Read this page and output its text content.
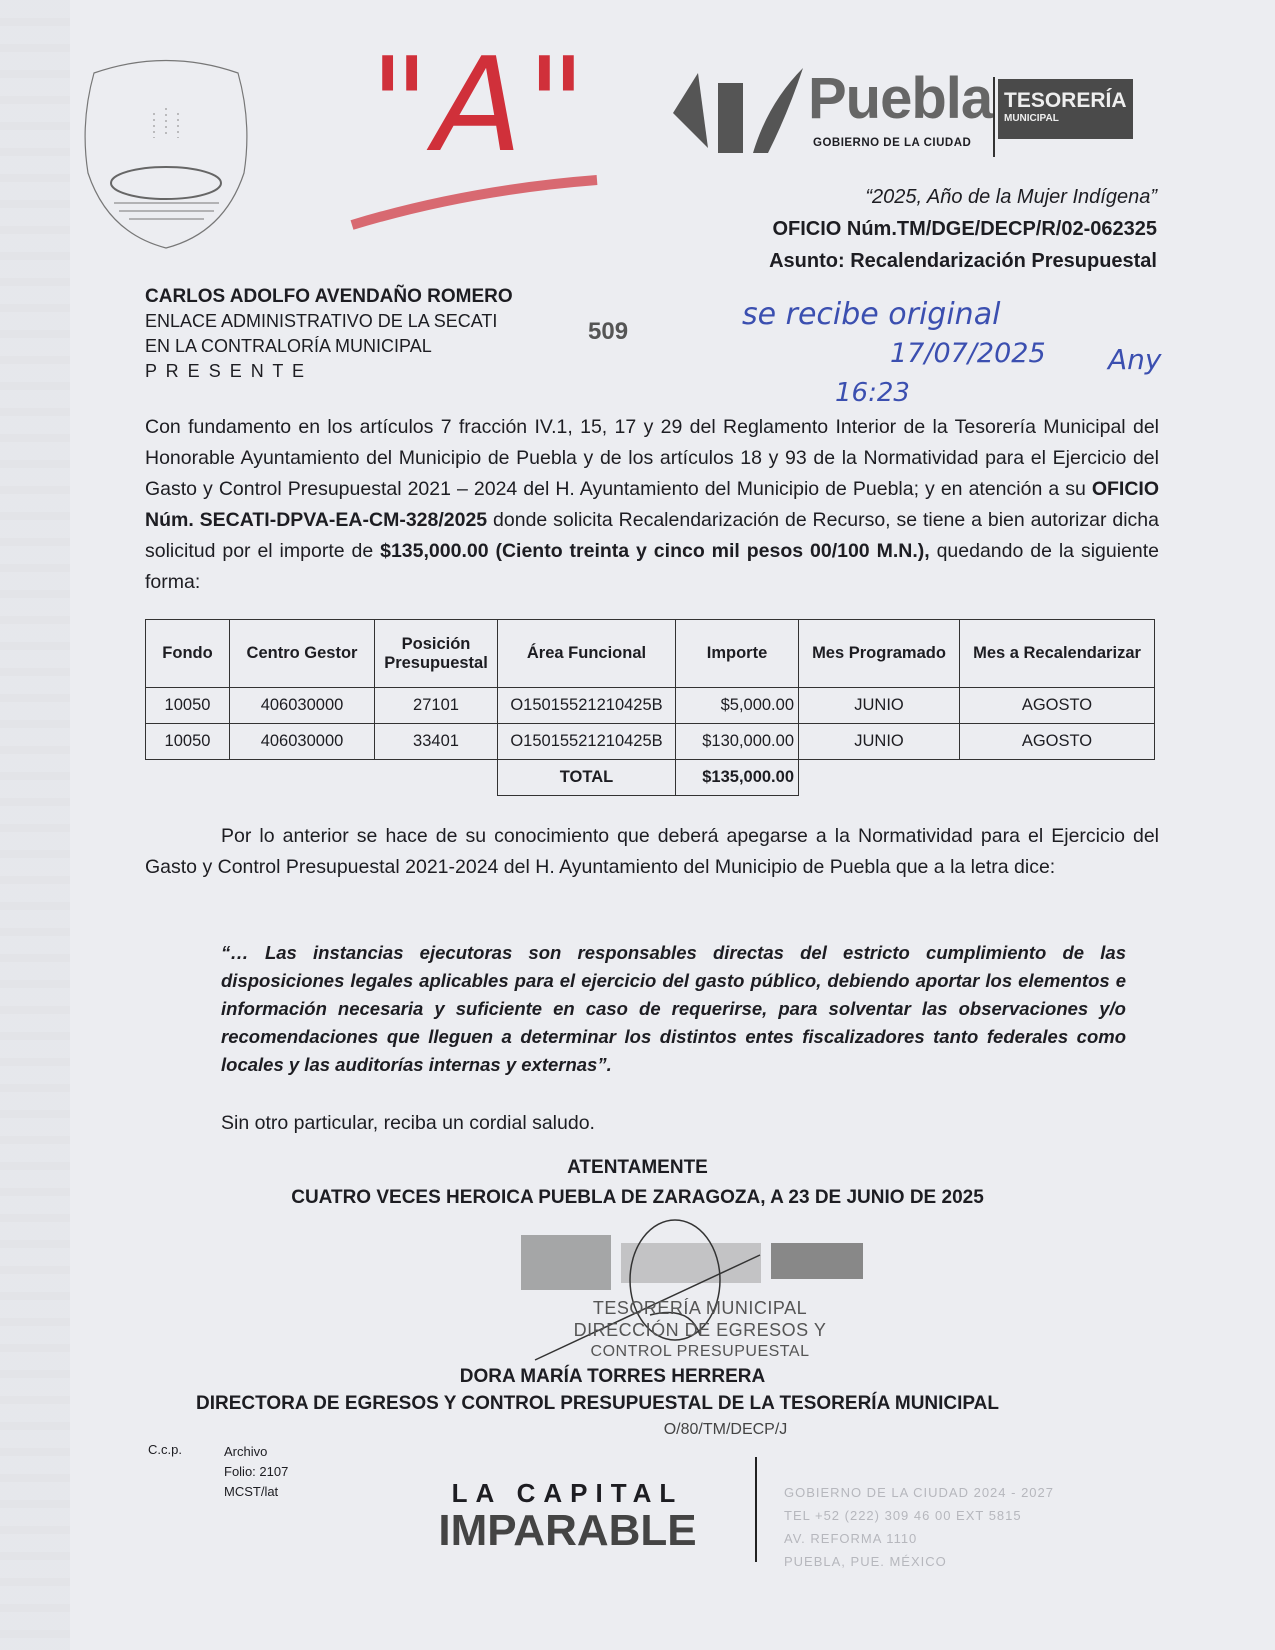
"A"	Puebla
GOBIERNO DE LA CIUDAD
TESORERÍA
MUNICIPAL
“2025, Año de la Mujer Indígena”
OFICIO Núm.TM/DGE/DECP/R/02-062325
Asunto: Recalendarización Presupuestal
CARLOS ADOLFO AVENDAÑO ROMERO
ENLACE ADMINISTRATIVO DE LA SECATI
EN LA CONTRALORÍA MUNICIPAL
P R E S E N T E
509	se recibe original
17/07/2025
16:23
Any

Con fundamento en los artículos 7 fracción IV.1, 15, 17 y 29 del Reglamento Interior de la Tesorería Municipal del Honorable Ayuntamiento del Municipio de Puebla y de los artículos 18 y 93 de la Normatividad para el Ejercicio del Gasto y Control Presupuestal 2021 – 2024 del H. Ayuntamiento del Municipio de Puebla; y en atención a su OFICIO Núm. SECATI-DPVA-EA-CM-328/2025 donde solicita Recalendarización de Recurso, se tiene a bien autorizar dicha solicitud por el importe de $135,000.00 (Ciento treinta y cinco mil pesos 00/100 M.N.), quedando de la siguiente forma:

Fondo	Centro Gestor	Posición Presupuestal	Área Funcional	Importe	Mes Programado	Mes a Recalendarizar
10050	406030000	27101	O15015521210425B	$5,000.00	JUNIO	AGOSTO
10050	406030000	33401	O15015521210425B	$130,000.00	JUNIO	AGOSTO
			TOTAL	$135,000.00		

Por lo anterior se hace de su conocimiento que deberá apegarse a la Normatividad para el Ejercicio del Gasto y Control Presupuestal 2021-2024 del H. Ayuntamiento del Municipio de Puebla que a la letra dice:

“… Las instancias ejecutoras son responsables directas del estricto cumplimiento de las disposiciones legales aplicables para el ejercicio del gasto público, debiendo aportar los elementos e información necesaria y suficiente en caso de requerirse, para solventar las observaciones y/o recomendaciones que lleguen a determinar los distintos entes fiscalizadores tanto federales como locales y las auditorías internas y externas”.

Sin otro particular, reciba un cordial saludo.

ATENTAMENTE
CUATRO VECES HEROICA PUEBLA DE ZARAGOZA, A 23 DE JUNIO DE 2025
TESORERÍA MUNICIPAL
DIRECCIÓN DE EGRESOS Y
CONTROL PRESUPUESTAL
DORA MARÍA TORRES HERRERA
DIRECTORA DE EGRESOS Y CONTROL PRESUPUESTAL DE LA TESORERÍA MUNICIPAL
O/80/TM/DECP/J
C.c.p.	Archivo
Folio: 2107
MCST/lat	LA CAPITAL
IMPARABLE
GOBIERNO DE LA CIUDAD 2024 - 2027
TEL +52 (222) 309 46 00 EXT 5815
AV. REFORMA 1110
PUEBLA, PUE. MÉXICO
